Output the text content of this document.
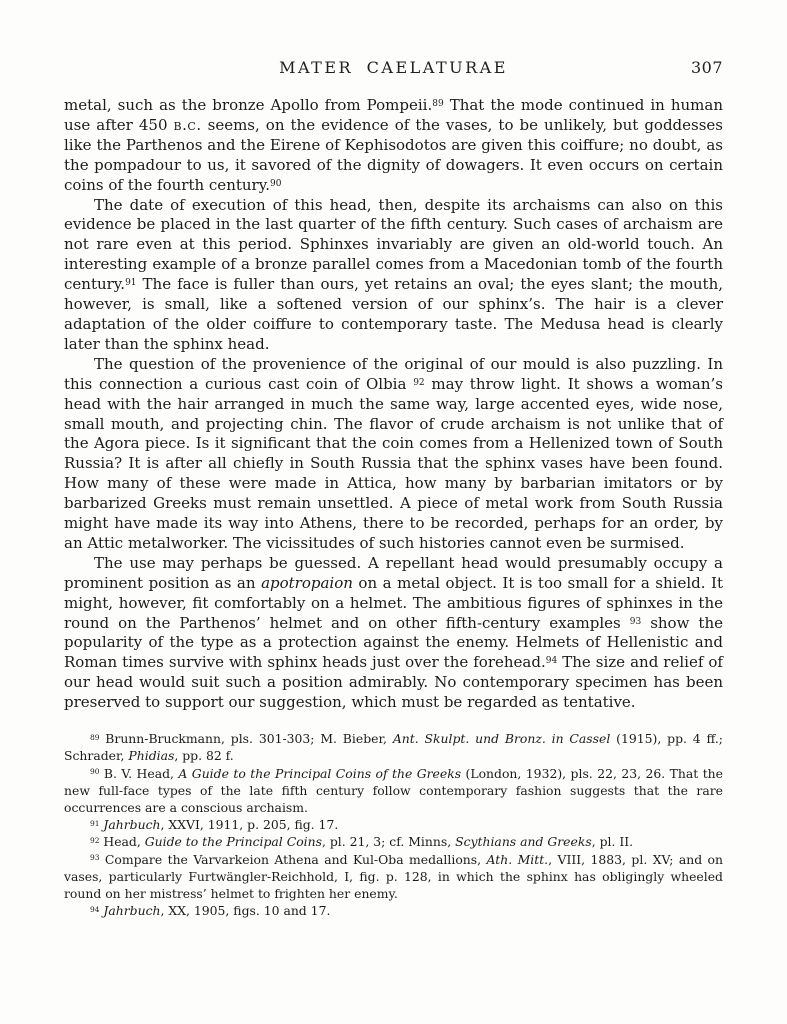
MATER CAELATURAE	307

metal, such as the bronze Apollo from Pompeii.$^{89}$ That the mode continued in human use after 450 b.c. seems, on the evidence of the vases, to be unlikely, but goddesses like the Parthenos and the Eirene of Kephisodotos are given this coiffure; no doubt, as the pompadour to us, it savored of the dignity of dowagers. It even occurs on certain coins of the fourth century.$^{90}$

The date of execution of this head, then, despite its archaisms can also on this evidence be placed in the last quarter of the fifth century. Such cases of archaism are not rare even at this period. Sphinxes invariably are given an old-world touch. An interesting example of a bronze parallel comes from a Macedonian tomb of the fourth century.$^{91}$ The face is fuller than ours, yet retains an oval; the eyes slant; the mouth, however, is small, like a softened version of our sphinx’s. The hair is a clever adaptation of the older coiffure to contemporary taste. The Medusa head is clearly later than the sphinx head.

The question of the provenience of the original of our mould is also puzzling. In this connection a curious cast coin of Olbia $^{92}$ may throw light. It shows a woman’s head with the hair arranged in much the same way, large accented eyes, wide nose, small mouth, and projecting chin. The flavor of crude archaism is not unlike that of the Agora piece. Is it significant that the coin comes from a Hellenized town of South Russia? It is after all chiefly in South Russia that the sphinx vases have been found. How many of these were made in Attica, how many by barbarian imitators or by barbarized Greeks must remain unsettled. A piece of metal work from South Russia might have made its way into Athens, there to be recorded, perhaps for an order, by an Attic metalworker. The vicissitudes of such histories cannot even be surmised.

The use may perhaps be guessed. A repellant head would presumably occupy a prominent position as an apotropaion on a metal object. It is too small for a shield. It might, however, fit comfortably on a helmet. The ambitious figures of sphinxes in the round on the Parthenos’ helmet and on other fifth-century examples $^{93}$ show the popularity of the type as a protection against the enemy. Helmets of Hellenistic and Roman times survive with sphinx heads just over the forehead.$^{94}$ The size and relief of our head would suit such a position admirably. No contemporary specimen has been preserved to support our suggestion, which must be regarded as tentative.

$^{89}$ Brunn-Bruckmann, pls. 301-303; M. Bieber, Ant. Skulpt. und Bronz. in Cassel (1915), pp. 4 ff.; Schrader, Phidias, pp. 82 f.

$^{90}$ B. V. Head, A Guide to the Principal Coins of the Greeks (London, 1932), pls. 22, 23, 26. That the new full-face types of the late fifth century follow contemporary fashion suggests that the rare occurrences are a conscious archaism.

$^{91}$ Jahrbuch, XXVI, 1911, p. 205, fig. 17.

$^{92}$ Head, Guide to the Principal Coins, pl. 21, 3; cf. Minns, Scythians and Greeks, pl. II.

$^{93}$ Compare the Varvarkeion Athena and Kul-Oba medallions, Ath. Mitt., VIII, 1883, pl. XV; and on vases, particularly Furtwängler-Reichhold, I, fig. p. 128, in which the sphinx has obligingly wheeled round on her mistress’ helmet to frighten her enemy.

$^{94}$ Jahrbuch, XX, 1905, figs. 10 and 17.
